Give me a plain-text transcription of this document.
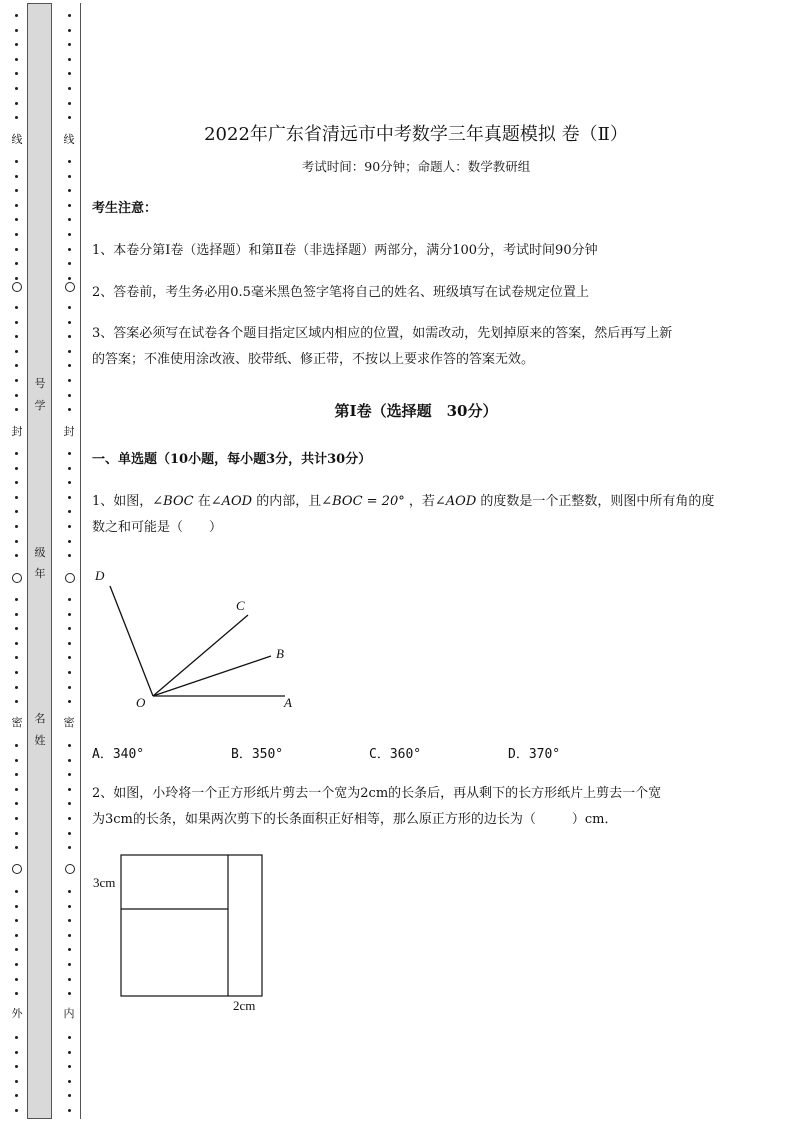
号
学
级
年
名
姓
线
封
密
外
线
封
密
内
2022年广东省清远市中考数学三年真题模拟 卷（Ⅱ）
考试时间：90分钟；命题人：数学教研组
考生注意：
1、本卷分第I卷（选择题）和第Ⅱ卷（非选择题）两部分，满分100分，考试时间90分钟
2、答卷前，考生务必用0.5毫米黑色签字笔将自己的姓名、班级填写在试卷规定位置上
3、答案必须写在试卷各个题目指定区域内相应的位置，如需改动，先划掉原来的答案，然后再写上新
的答案；不准使用涂改液、胶带纸、修正带，不按以上要求作答的答案无效。
第I卷（选择题　30分）
一、单选题（10小题，每小题3分，共计30分）
1、如图，∠BOC 在∠AOD 的内部，且∠BOC = 20° ，若∠AOD 的度数是一个正整数，则图中所有角的度
数之和可能是（　　）
D
C
B
O	A
A．340°	B．350°	C．360°	D．370°
2、如图，小玲将一个正方形纸片剪去一个宽为2cm的长条后，再从剩下的长方形纸片上剪去一个宽
为3cm的长条，如果两次剪下的长条面积正好相等，那么原正方形的边长为（	）cm．
3cm
2cm
